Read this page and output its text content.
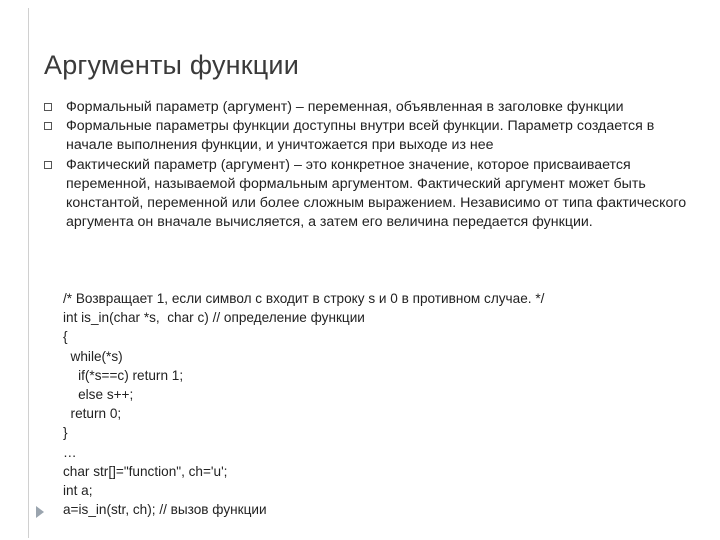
Аргументы функции
Формальный параметр (аргумент) – переменная, объявленная в заголовке функции
Формальные параметры функции доступны внутри всей функции. Параметр создается в начале выполнения функции, и уничтожается при выходе из нее
Фактический параметр (аргумент) – это конкретное значение, которое присваивается переменной, называемой формальным аргументом. Фактический аргумент может быть константой, переменной или более сложным выражением. Независимо от типа фактического аргумента он вначале вычисляется, а затем его величина передается функции.
/* Возвращает 1, если символ с входит в строку s и 0 в противном случае. */
int is_in(char *s,  char c) // определение функции
{
while(*s)
if(*s==c) return 1;
else s++;
return 0;
}
…
char str[]="function", ch='u';
int a;
a=is_in(str, ch); // вызов функции
